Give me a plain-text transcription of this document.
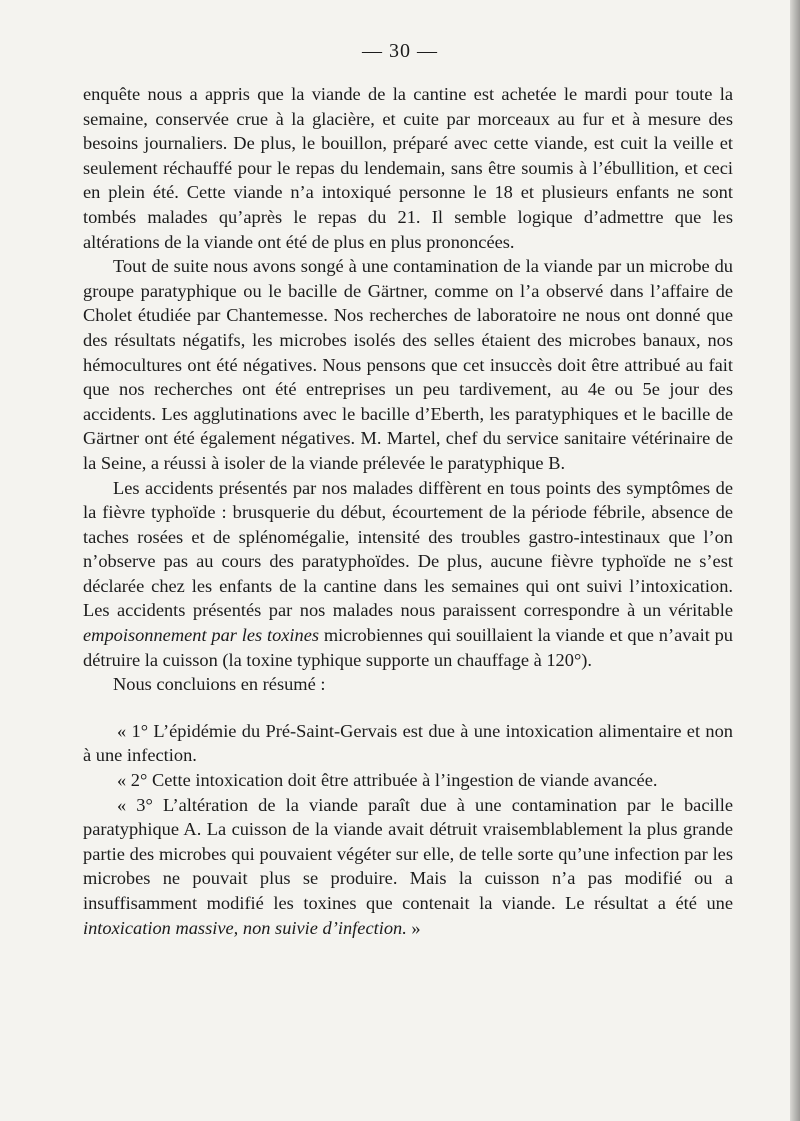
— 30 —

enquête nous a appris que la viande de la cantine est achetée le mardi pour toute la semaine, conservée crue à la glacière, et cuite par morceaux au fur et à mesure des besoins journaliers. De plus, le bouillon, préparé avec cette viande, est cuit la veille et seulement réchauffé pour le repas du lendemain, sans être soumis à l’ébullition, et ceci en plein été. Cette viande n’a intoxiqué personne le 18 et plusieurs enfants ne sont tombés malades qu’après le repas du 21. Il semble logique d’admettre que les altérations de la viande ont été de plus en plus prononcées.

Tout de suite nous avons songé à une contamination de la viande par un microbe du groupe paratyphique ou le bacille de Gärtner, comme on l’a observé dans l’affaire de Cholet étudiée par Chantemesse. Nos recherches de laboratoire ne nous ont donné que des résultats négatifs, les microbes isolés des selles étaient des microbes banaux, nos hémocultures ont été négatives. Nous pensons que cet insuccès doit être attribué au fait que nos recherches ont été entreprises un peu tardivement, au 4e ou 5e jour des accidents. Les agglutinations avec le bacille d’Eberth, les paratyphiques et le bacille de Gärtner ont été également négatives. M. Martel, chef du service sanitaire vétérinaire de la Seine, a réussi à isoler de la viande prélevée le paratyphique B.

Les accidents présentés par nos malades diffèrent en tous points des symptômes de la fièvre typhoïde : brusquerie du début, écourtement de la période fébrile, absence de taches rosées et de splénomégalie, intensité des troubles gastro-intestinaux que l’on n’observe pas au cours des paratyphoïdes. De plus, aucune fièvre typhoïde ne s’est déclarée chez les enfants de la cantine dans les semaines qui ont suivi l’intoxication. Les accidents présentés par nos malades nous paraissent correspondre à un véritable empoisonnement par les toxines microbiennes qui souillaient la viande et que n’avait pu détruire la cuisson (la toxine typhique supporte un chauffage à 120°).

Nous concluions en résumé :

« 1° L’épidémie du Pré-Saint-Gervais est due à une intoxication alimentaire et non à une infection.

« 2° Cette intoxication doit être attribuée à l’ingestion de viande avancée.

« 3° L’altération de la viande paraît due à une contamination par le bacille paratyphique A. La cuisson de la viande avait détruit vraisemblablement la plus grande partie des microbes qui pouvaient végéter sur elle, de telle sorte qu’une infection par les microbes ne pouvait plus se produire. Mais la cuisson n’a pas modifié ou a insuffisamment modifié les toxines que contenait la viande. Le résultat a été une intoxication massive, non suivie d’infection. »
